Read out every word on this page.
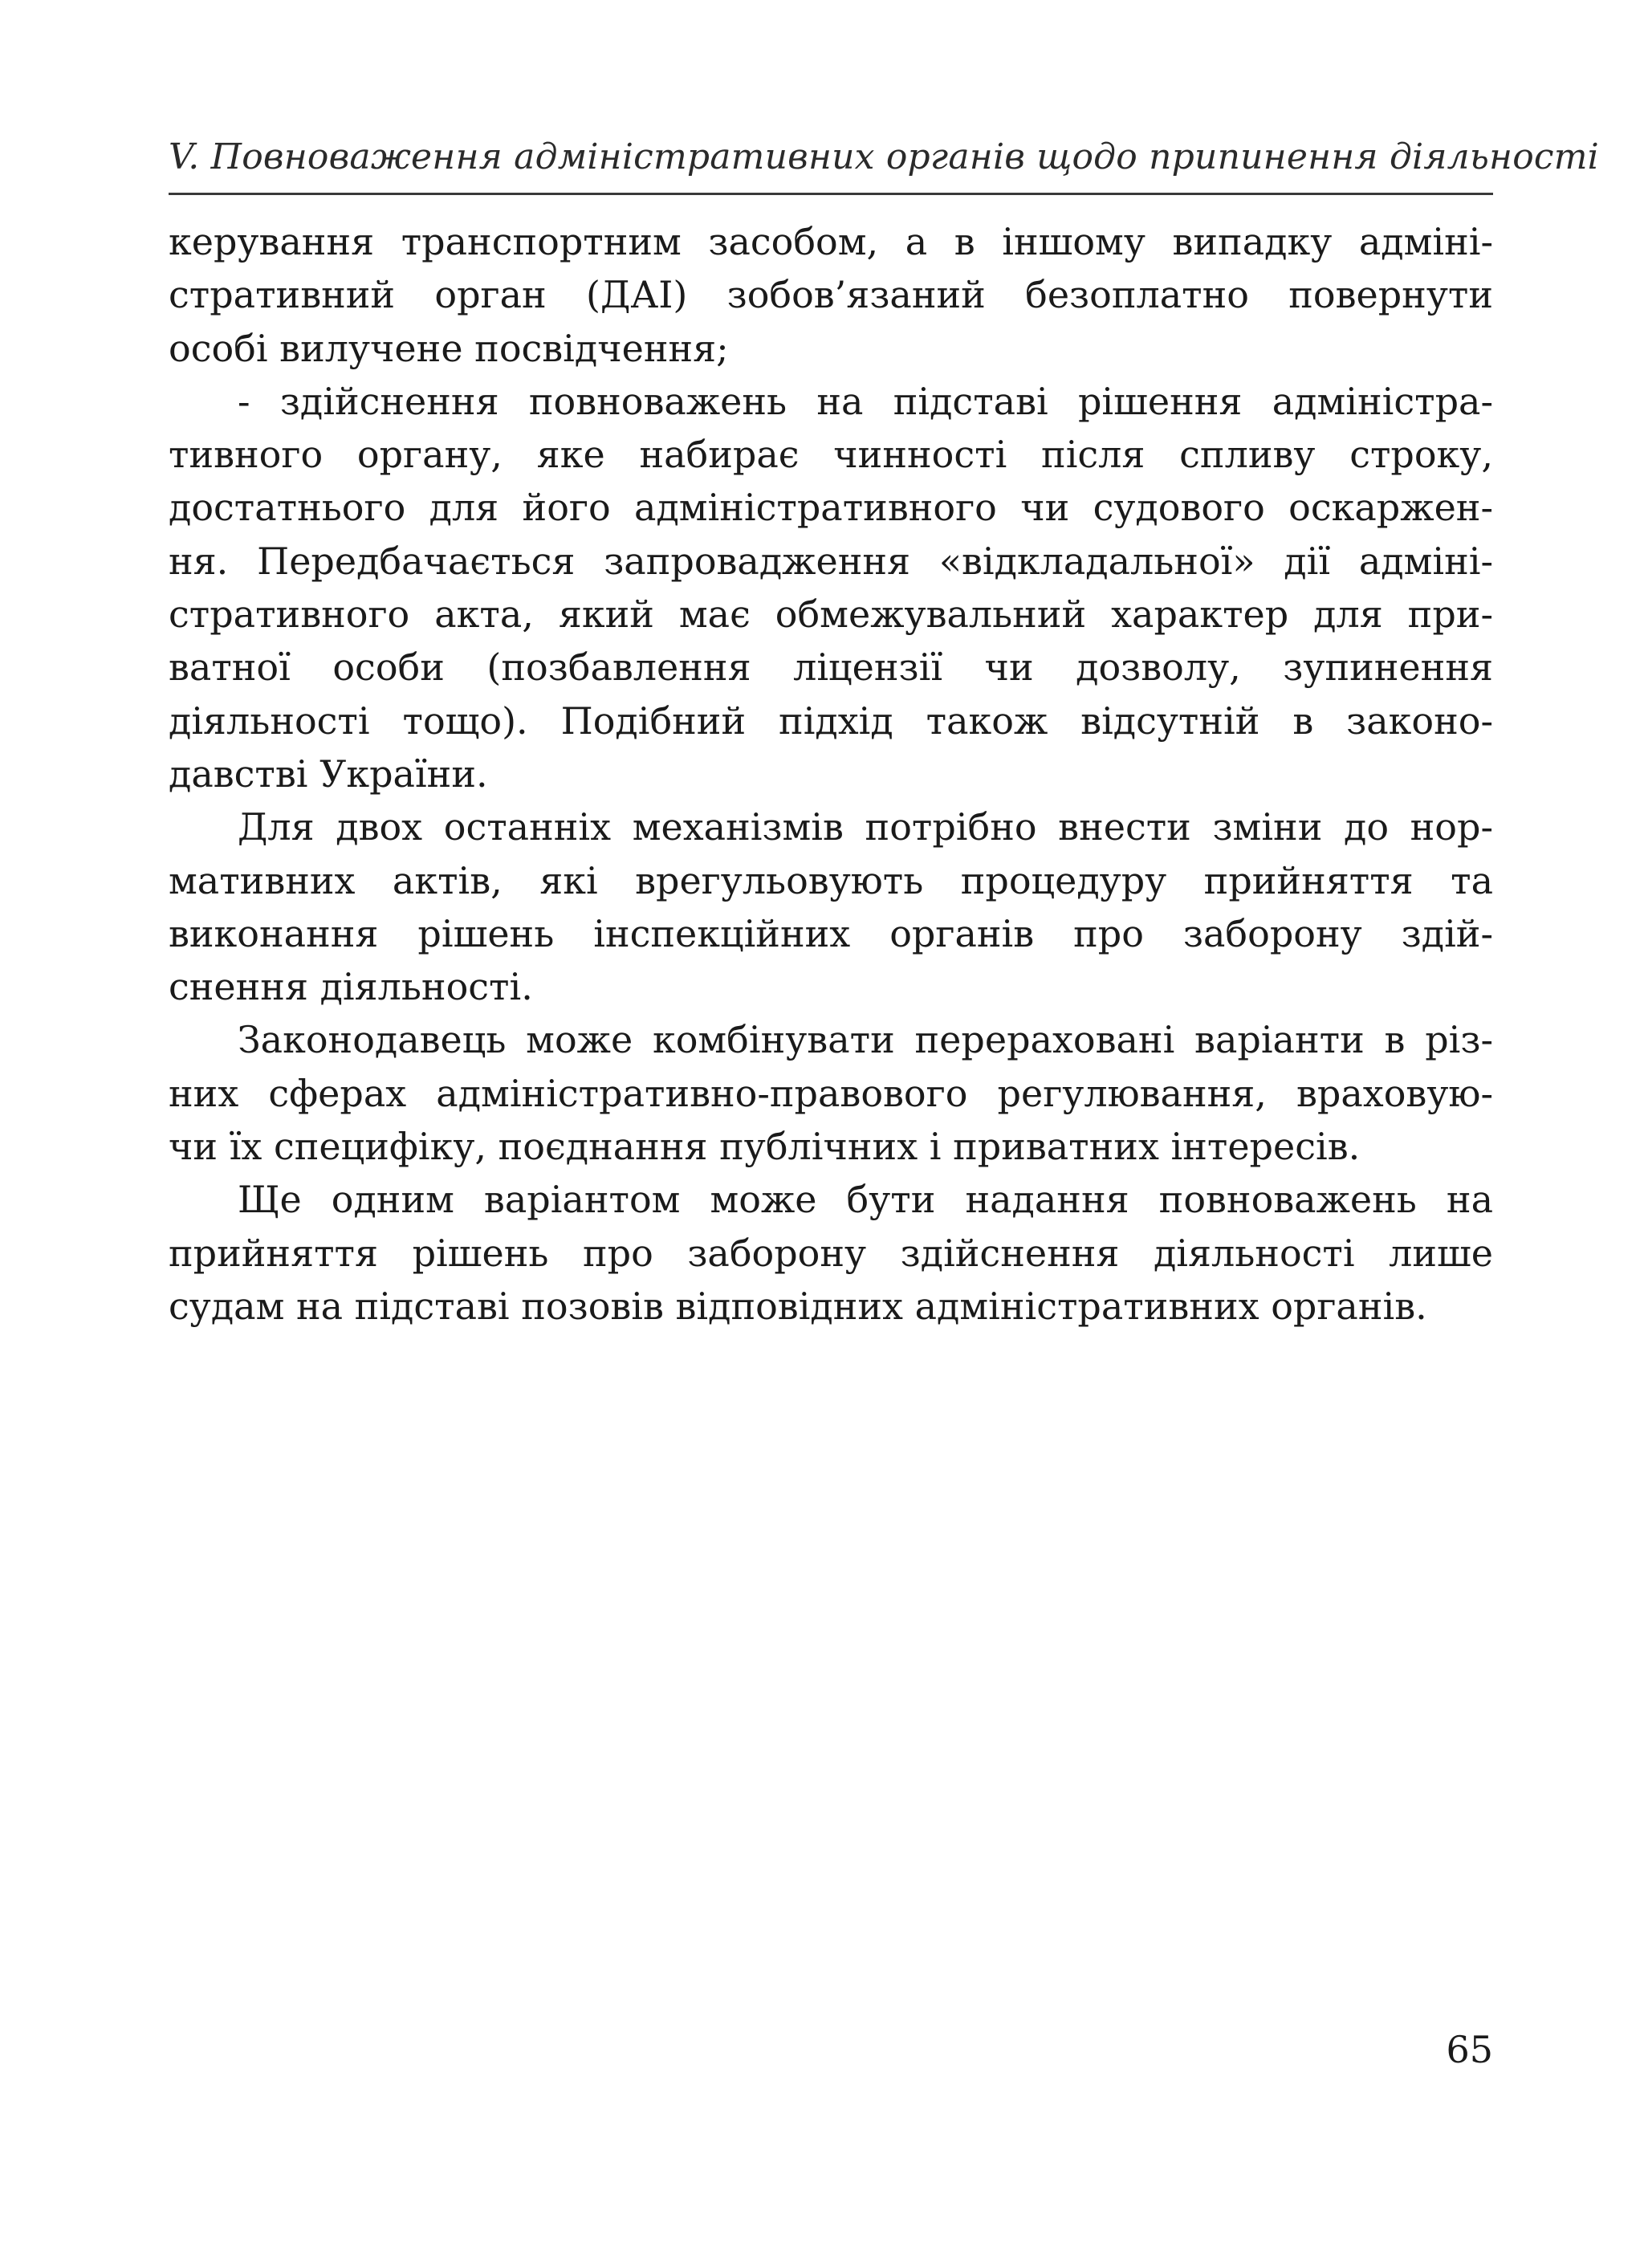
V. Повноваження адміністративних органів щодо припинення діяльності
керування транспортним засобом, а в іншому випадку адміні-
стративний орган (ДАІ) зобов’язаний безоплатно повернути
особі вилучене посвідчення;
- здійснення повноважень на підставі рішення адміністра-
тивного органу, яке набирає чинності після спливу строку,
достатнього для його адміністративного чи судового оскаржен-
ня. Передбачається запровадження «відкладальної» дії адміні-
стративного акта, який має обмежувальний характер для при-
ватної особи (позбавлення ліцензії чи дозволу, зупинення
діяльності тощо). Подібний підхід також відсутній в законо-
давстві України.
Для двох останніх механізмів потрібно внести зміни до нор-
мативних актів, які врегульовують процедуру прийняття та
виконання рішень інспекційних органів про заборону здій-
снення діяльності.
Законодавець може комбінувати перераховані варіанти в різ-
них сферах адміністративно-правового регулювання, враховую-
чи їх специфіку, поєднання публічних і приватних інтересів.
Ще одним варіантом може бути надання повноважень на
прийняття рішень про заборону здійснення діяльності лише
судам на підставі позовів відповідних адміністративних органів.
65
